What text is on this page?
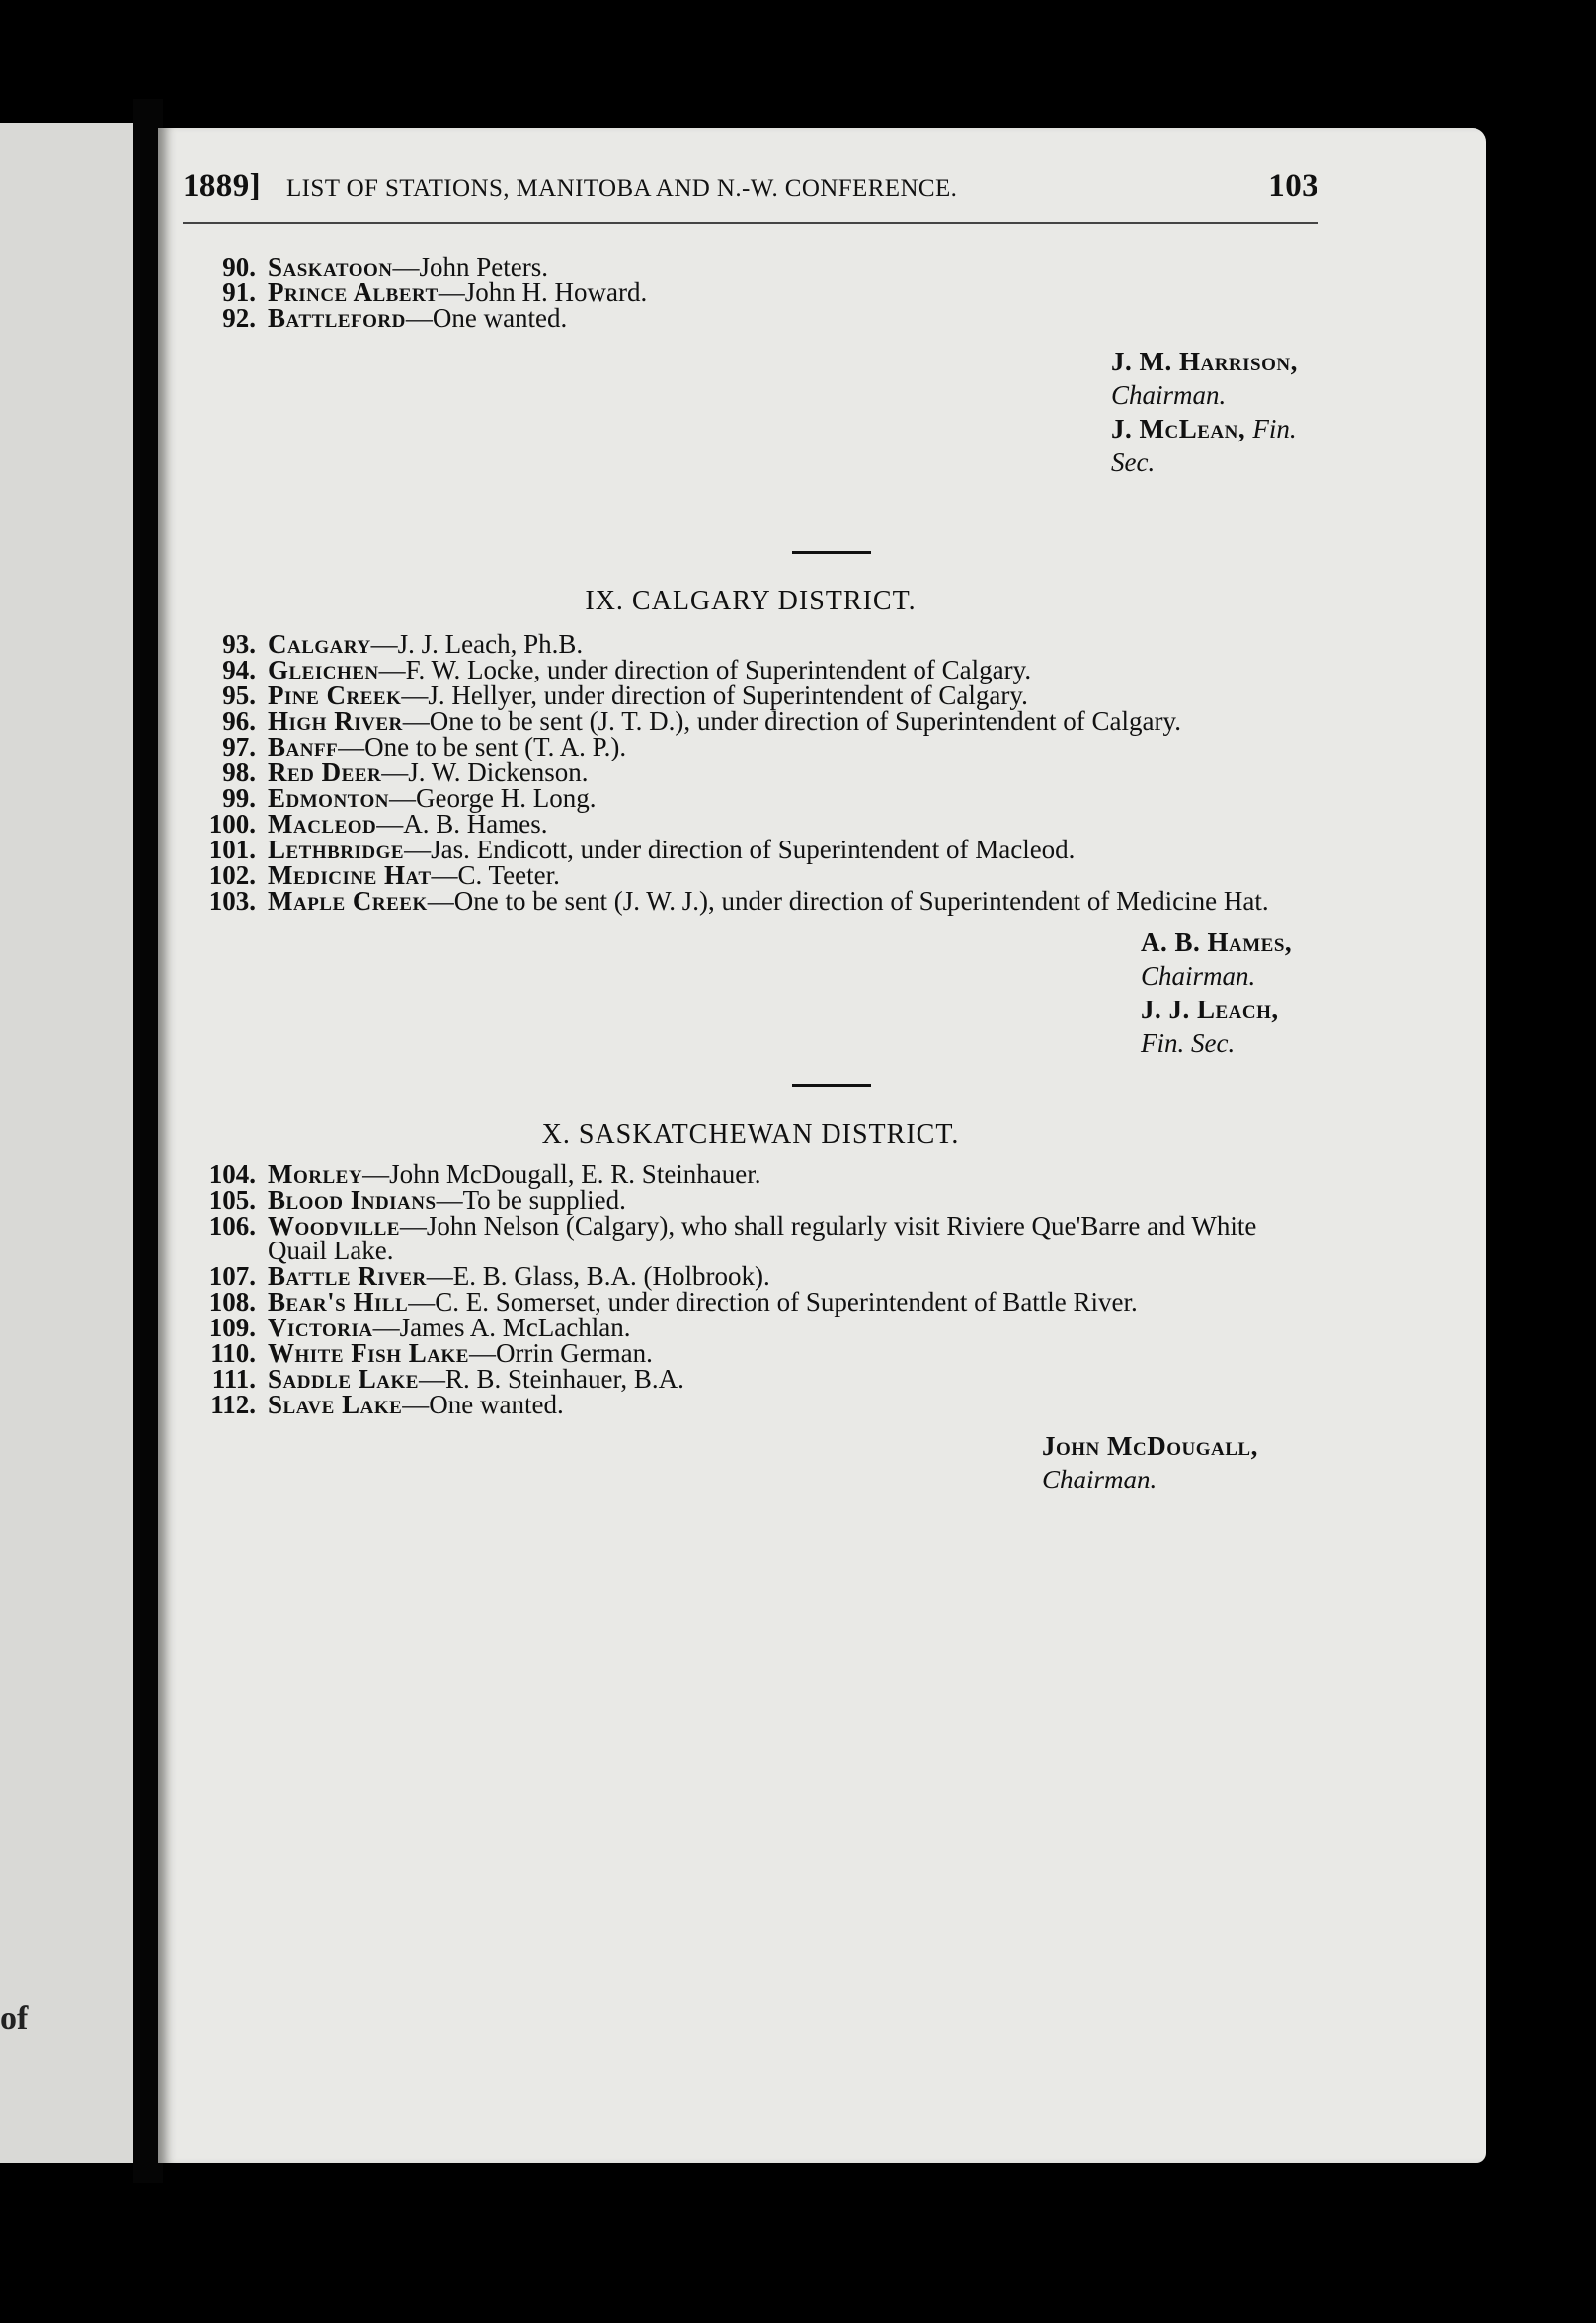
of
1889] LIST OF STATIONS, MANITOBA AND N.-W. CONFERENCE.	103
90. Saskatoon—John Peters.
91. Prince Albert—John H. Howard.
92. Battleford—One wanted.
J. M. Harrison, Chairman.
J. McLean, Fin. Sec.
IX. CALGARY DISTRICT.
93. Calgary—J. J. Leach, Ph.B.
94. Gleichen—F. W. Locke, under direction of Superintendent of Calgary.
95. Pine Creek—J. Hellyer, under direction of Superintendent of Calgary.
96. High River—One to be sent (J. T. D.), under direction of Superintendent of Calgary.
97. Banff—One to be sent (T. A. P.).
98. Red Deer—J. W. Dickenson.
99. Edmonton—George H. Long.
100. Macleod—A. B. Hames.
101. Lethbridge—Jas. Endicott, under direction of Superintendent of Macleod.
102. Medicine Hat—C. Teeter.
103. Maple Creek—One to be sent (J. W. J.), under direction of Superintendent of Medicine Hat.
A. B. Hames, Chairman.
J. J. Leach, Fin. Sec.
X. SASKATCHEWAN DISTRICT.
104. Morley—John McDougall, E. R. Steinhauer.
105. Blood Indians—To be supplied.
106. Woodville—John Nelson (Calgary), who shall regularly visit Riviere Que'Barre and White Quail Lake.
107. Battle River—E. B. Glass, B.A. (Holbrook).
108. Bear's Hill—C. E. Somerset, under direction of Superintendent of Battle River.
109. Victoria—James A. McLachlan.
110. White Fish Lake—Orrin German.
111. Saddle Lake—R. B. Steinhauer, B.A.
112. Slave Lake—One wanted.
John McDougall, Chairman.
